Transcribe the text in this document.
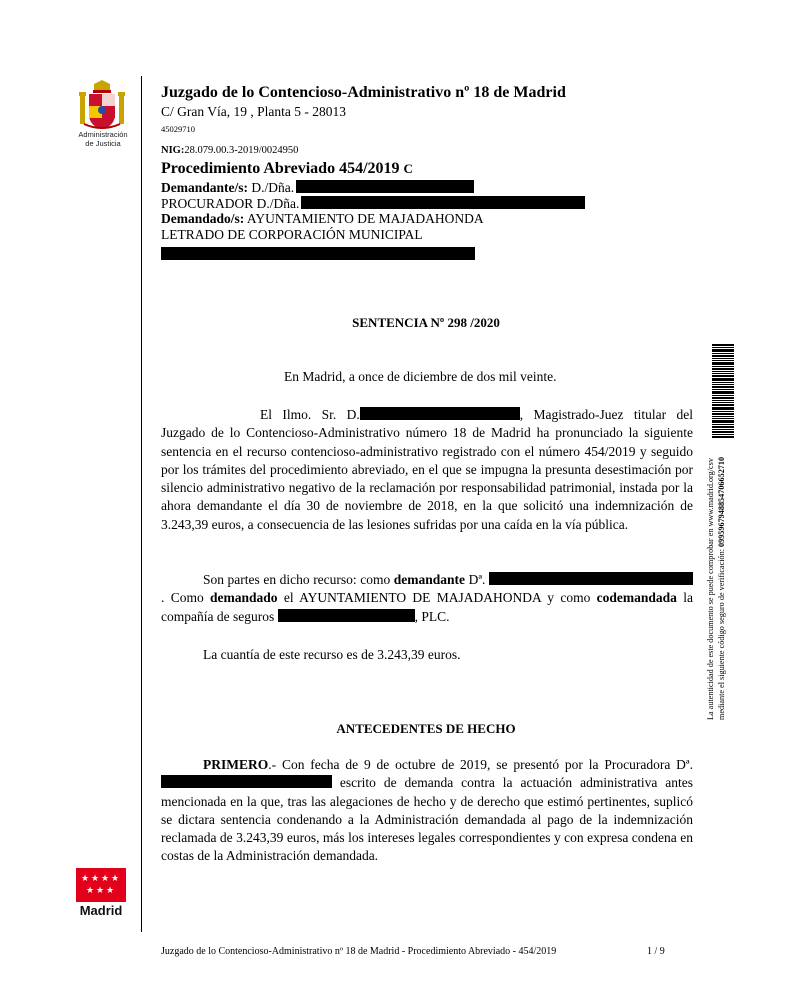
Administración
de Justicia
Juzgado de lo Contencioso-Administrativo nº 18 de Madrid
C/ Gran Vía, 19 , Planta 5 - 28013
45029710
NIG:28.079.00.3-2019/0024950
Procedimiento Abreviado 454/2019 C
Demandante/s: D./Dña.
PROCURADOR D./Dña.
Demandado/s: AYUNTAMIENTO DE MAJADAHONDA
LETRADO DE CORPORACIÓN MUNICIPAL
SENTENCIA Nº 298 /2020
En Madrid, a once de diciembre de dos mil veinte.

El Ilmo. Sr. D.	, Magistrado-Juez titular del Juzgado de lo Contencioso-Administrativo número 18 de Madrid ha pronunciado la siguiente sentencia en el recurso contencioso-administrativo registrado con el número 454/2019 y seguido por los trámites del procedimiento abreviado, en el que se impugna la presunta desestimación por silencio administrativo negativo de la reclamación por responsabilidad patrimonial, instada por la ahora demandante el día 30 de noviembre de 2018, en la que solicitó una indemnización de 3.243,39 euros, a consecuencia de las lesiones sufridas por una caída en la vía pública.

Son partes en dicho recurso: como demandante Dª. . Como demandado el AYUNTAMIENTO DE MAJADAHONDA y como codemandada la compañía de seguros	, PLC.

La cuantía de este recurso es de 3.243,39 euros.
ANTECEDENTES DE HECHO

PRIMERO.- Con fecha de 9 de octubre de 2019, se presentó por la Procuradora Dª.  escrito de demanda contra la actuación administrativa antes mencionada en la que, tras las alegaciones de hecho y de derecho que estimó pertinentes, suplicó se dictara sentencia condenando a la Administración demandada al pago de la indemnización reclamada de 3.243,39 euros, más los intereses legales correspondientes y con expresa condena en costas de la Administración demandada.

La autenticidad de este documento se puede comprobar en www.madrid.org/csv mediante el siguiente código seguro de verificación: 0995967948854706652710
★ ★ ★ ★
★ ★ ★
Madrid
Juzgado de lo Contencioso-Administrativo nº 18 de Madrid - Procedimiento Abreviado - 454/2019	1 / 9
